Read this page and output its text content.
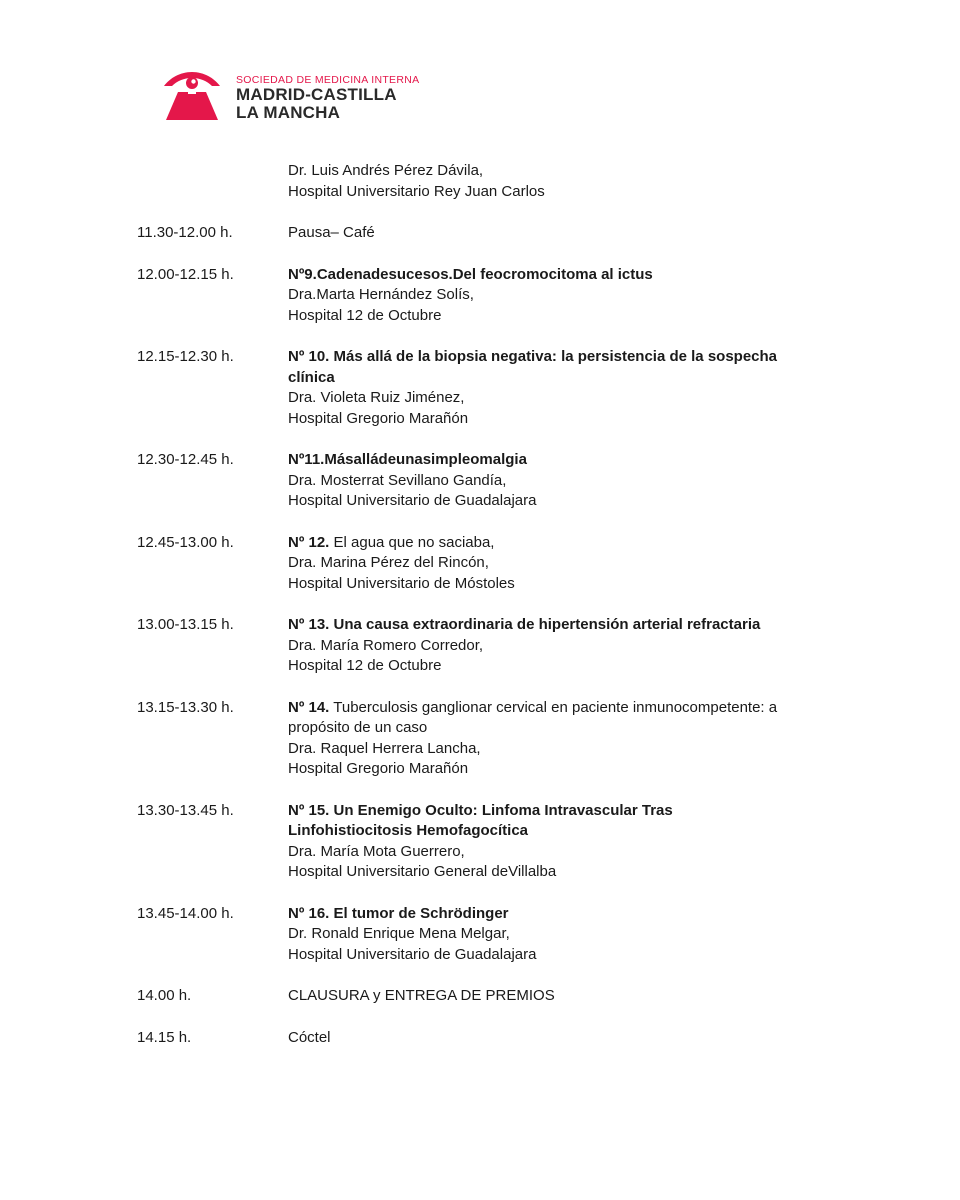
SOCIEDAD DE MEDICINA INTERNA
MADRID-CASTILLA
LA MANCHA
Dr. Luis Andrés Pérez Dávila,
Hospital Universitario Rey Juan Carlos
11.30-12.00 h.	Pausa– Café
12.00-12.15 h.	Nº9.Cadenadesucesos.Del feocromocitoma al ictus
Dra.Marta Hernández Solís,
Hospital 12 de Octubre
12.15-12.30 h.	Nº 10. Más allá de la biopsia negativa: la persistencia de la sospecha
clínica
Dra. Violeta Ruiz Jiménez,
Hospital Gregorio Marañón
12.30-12.45 h.	Nº11.Másalládeunasimpleomalgia
Dra. Mosterrat Sevillano Gandía,
Hospital Universitario de Guadalajara
12.45-13.00 h.	Nº 12. El agua que no saciaba,
Dra. Marina Pérez del Rincón,
Hospital Universitario de Móstoles
13.00-13.15 h.	Nº 13. Una causa extraordinaria de hipertensión arterial refractaria
Dra. María Romero Corredor,
Hospital 12 de Octubre
13.15-13.30 h.	Nº 14. Tuberculosis ganglionar cervical en paciente inmunocompetente: a
propósito de un caso
Dra. Raquel Herrera Lancha,
Hospital Gregorio Marañón
13.30-13.45 h.	Nº 15. Un Enemigo Oculto: Linfoma Intravascular Tras
Linfohistiocitosis Hemofagocítica
Dra. María Mota Guerrero,
Hospital Universitario General deVillalba
13.45-14.00 h.	Nº 16. El tumor de Schrödinger
Dr. Ronald Enrique Mena Melgar,
Hospital Universitario de Guadalajara
14.00 h.	CLAUSURA y ENTREGA DE PREMIOS
14.15 h.	Cóctel
